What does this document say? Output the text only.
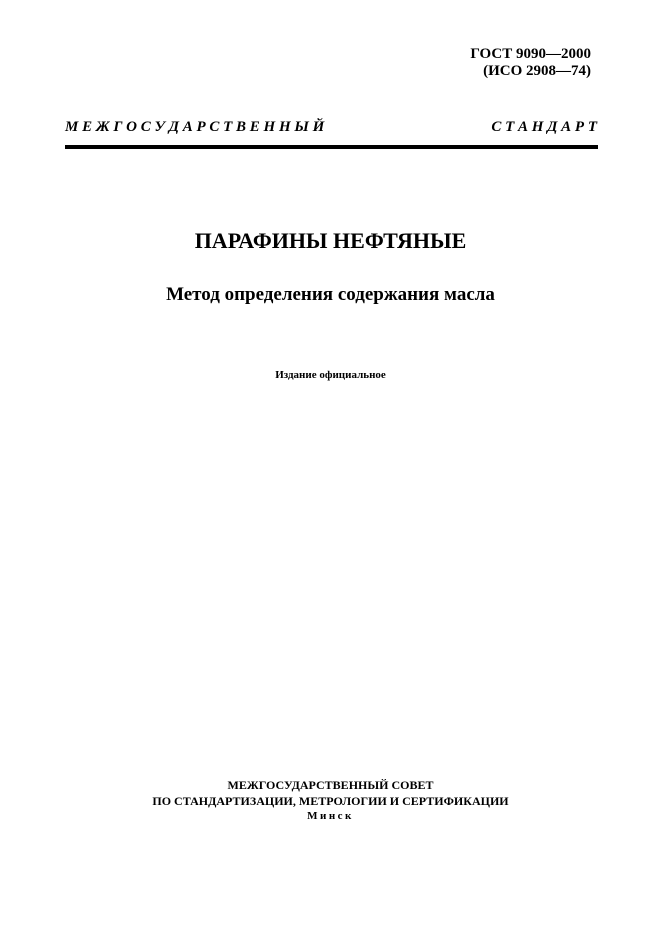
ГОСТ 9090—2000
(ИСО 2908—74)
М Е Ж Г О С У Д А Р С Т В Е Н Н Ы Й	С Т А Н Д А Р Т
ПАРАФИНЫ НЕФТЯНЫЕ
Метод определения содержания масла
Издание официальное
МЕЖГОСУДАРСТВЕННЫЙ СОВЕТ
ПО СТАНДАРТИЗАЦИИ, МЕТРОЛОГИИ И СЕРТИФИКАЦИИ
Минск
